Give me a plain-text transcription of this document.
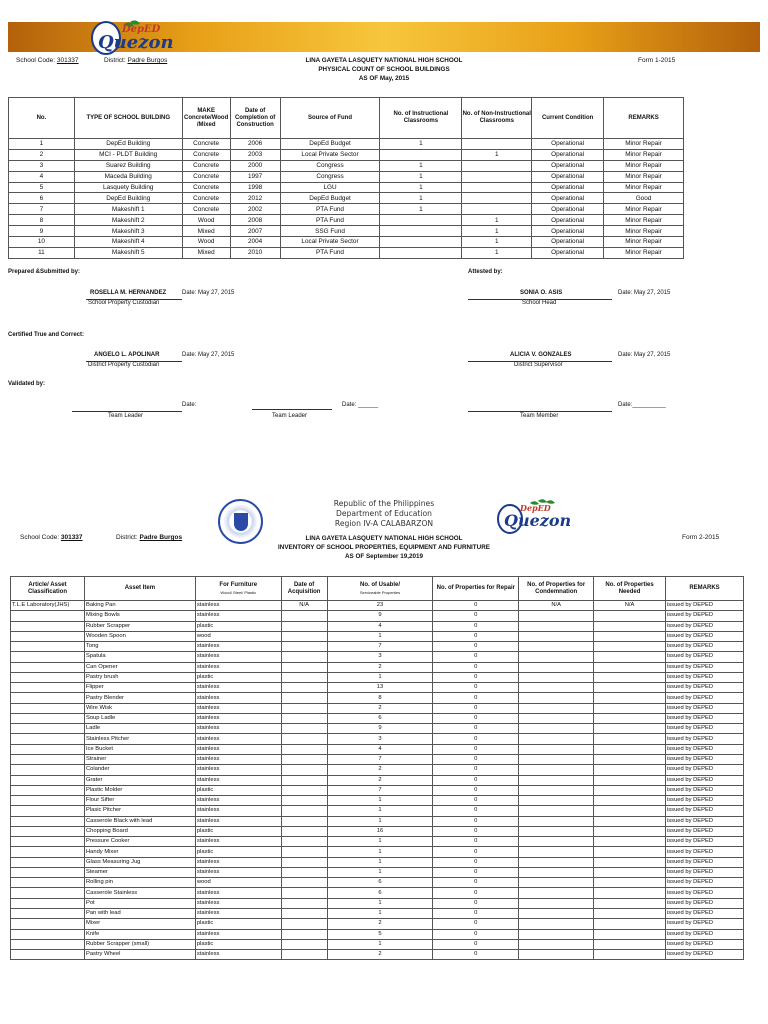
DepED
Quezon
School Code: 301337	District: Padre Burgos	Form 1-2015
LINA GAYETA LASQUETY NATIONAL HIGH SCHOOL
PHYSICAL COUNT OF SCHOOL BUILDINGS
AS OF May, 2015
No.	TYPE OF SCHOOL BUILDING	MAKE Concrete/Wood /Mixed	Date of Completion of Construction	Source of Fund	No. of Instructional Classrooms	No. of Non-Instructional Classrooms	Current Condition	REMARKS
1	DepEd Building	Concrete	2006	DepEd Budget	1		Operational	Minor Repair
2	MCI - PLDT Building	Concrete	2003	Local Private Sector		1	Operational	Minor Repair
3	Suarez Building	Concrete	2000	Congress	1		Operational	Minor Repair
4	Maceda Building	Concrete	1997	Congress	1		Operational	Minor Repair
5	Lasquety Building	Concrete	1998	LGU	1		Operational	Minor Repair
6	DepEd Building	Concrete	2012	DepEd Budget	1		Operational	Good
7	Makeshift 1	Concrete	2002	PTA Fund	1		Operational	Minor Repair
8	Makeshift 2	Wood	2008	PTA Fund		1	Operational	Minor Repair
9	Makeshift 3	Mixed	2007	SSG Fund		1	Operational	Minor Repair
10	Makeshift 4	Wood	2004	Local Private Sector		1	Operational	Minor Repair
11	Makeshift 5	Mixed	2010	PTA Fund		1	Operational	Minor Repair
Prepared &Submitted by:	Attested by:
ROSELLA M. HERNANDEZ
School Property Custodian
Date: May 27, 2015	SONIA O. ASIS
School Head
Date: May 27, 2015
Certified True and Correct:
ANGELO L. APOLINAR
District Property Custodian
Date: May 27, 2015	ALICIA V. GONZALES
District Supervisor
Date: May 27, 2015
Validated by:
Team Leader
Date:
Team Leader
Date: ______
Team Member
Date:__________
Republic of the Philippines
Department of Education
Region IV-A CALABARZON
DepED
Quezon
School Code: 301337	District: Padre Burgos	Form 2-2015
LINA GAYETA LASQUETY NATIONAL HIGH SCHOOL
INVENTORY OF SCHOOL PROPERTIES, EQUIPMENT AND FURNITURE
AS OF September 19,2019
Article/ Asset Classification	Asset Item	For Furniture
Wood/ Steel/ Plastic	Date of Acquisition	No. of Usable/
Serviceable Properties	No. of Properties for Repair	No. of Properties for Condemnation	No. of Properties Needed	REMARKS
T.L.E Laboratory(JHS)	Baking Pan	stainless	N/A	23	0	N/A	N/A	issued by DEPED
	Mixing Bowls	stainless		9	0			issued by DEPED
	Rubber Scrapper	plastic		4	0			issued by DEPED
	Wooden Spoon	wood		1	0			issued by DEPED
	Tong	stainless		7	0			issued by DEPED
	Spatula	stainless		3	0			issued by DEPED
	Can Opener	stainless		2	0			issued by DEPED
	Pastry brush	plastic		1	0			issued by DEPED
	Flipper	stainless		13	0			issued by DEPED
	Pastry Blender	stainless		8	0			issued by DEPED
	Wire Wisk	stainless		2	0			issued by DEPED
	Soup Ladle	stainless		6	0			issued by DEPED
	Ladle	stainless		9	0			issued by DEPED
	Stainless Pitcher	stainless		3	0			issued by DEPED
	Ice Bucket	stainless		4	0			issued by DEPED
	Strainer	stainless		7	0			issued by DEPED
	Colander	stainless		2	0			issued by DEPED
	Grater	stainless		2	0			issued by DEPED
	Plastic Molder	plastic		7	0			issued by DEPED
	Flour Sifter	stainless		1	0			issued by DEPED
	Plasic Pitcher	stainless		1	0			issued by DEPED
	Casserole Black with lead	stainless		1	0			issued by DEPED
	Chopping Board	plastic		16	0			issued by DEPED
	Pressure Cooker	stainless		1	0			issued by DEPED
	Handy Mixer	plastic		1	0			issued by DEPED
	Glass Measuring Jug	stainless		1	0			issued by DEPED
	Steamer	stainless		1	0			issued by DEPED
	Rolling pin	wood		6	0			issued by DEPED
	Casserole Stainless	stainless		6	0			issued by DEPED
	Pot	stainless		1	0			issued by DEPED
	Pan with lead	stainless		1	0			issued by DEPED
	Mixer	plastic		2	0			issued by DEPED
	Knife	stainless		5	0			issued by DEPED
	Rubber Scrapper (small)	plastic		1	0			issued by DEPED
	Pastry Wheel	stainless		2	0			issued by DEPED
